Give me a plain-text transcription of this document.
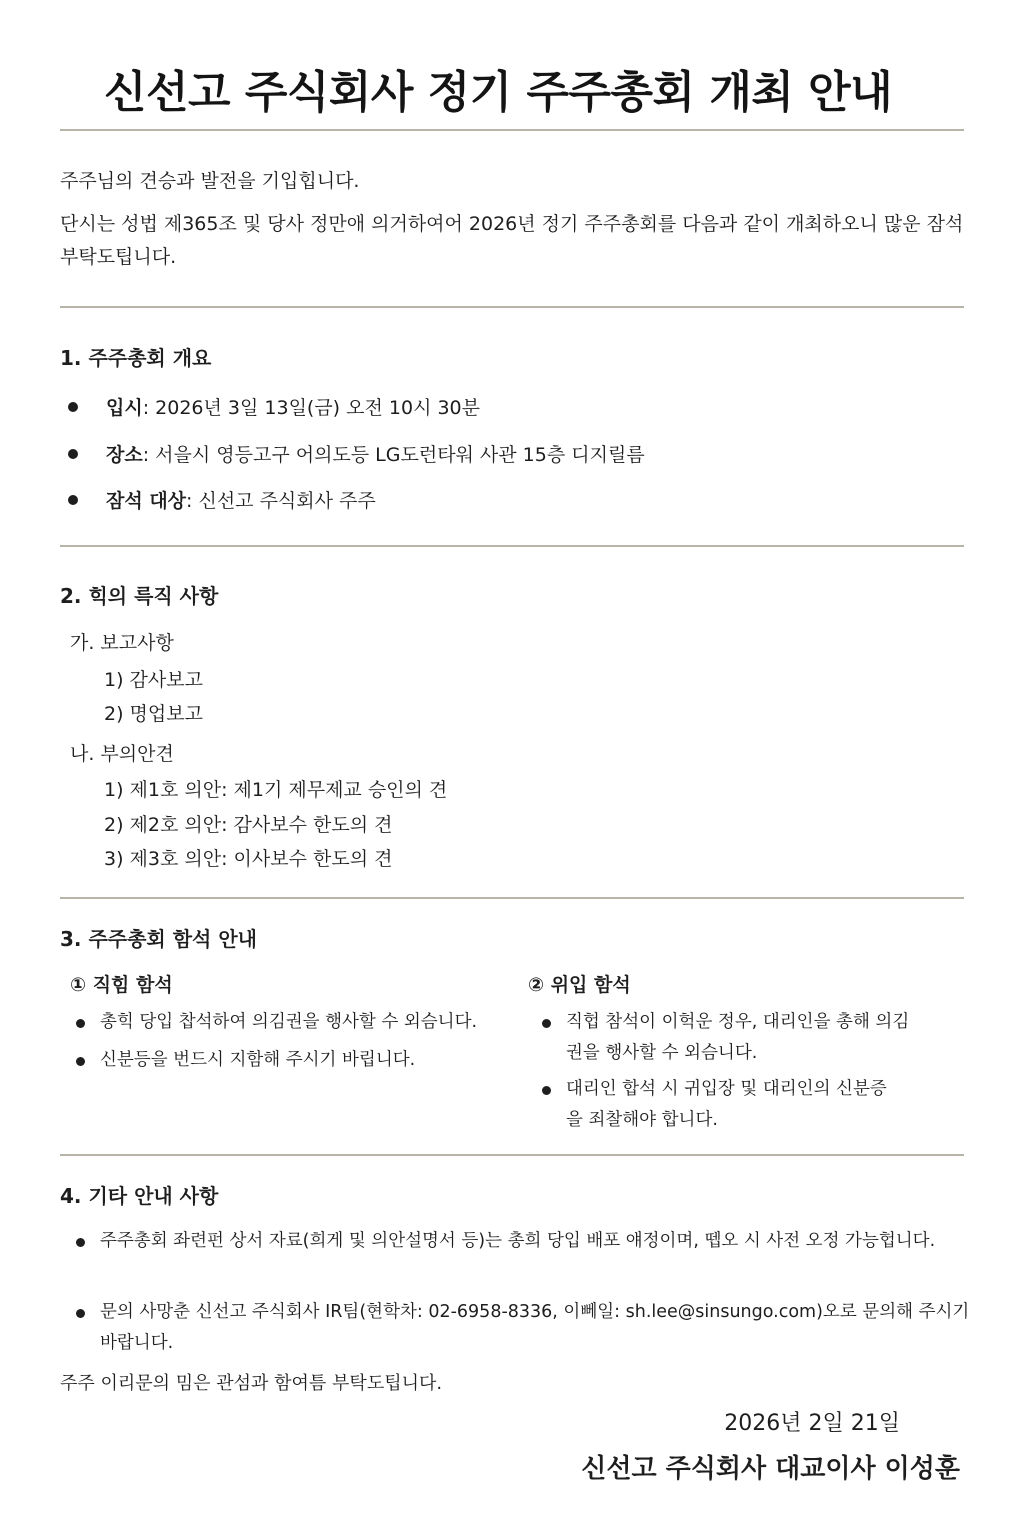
신선고 주식회사 정기 주주총회 개최 안내
주주님의 견승과 발전을 기입힙니다.
단시는 성법 제365조 및 당사 정만애 의거하여어 2026년 정기 주주총회를 다음과 같이 개최하오니 많운 잠석 부탁도팁니다.
1. 주주총회 개요
입시: 2026년 3일 13일(금) 오전 10시 30분
장소: 서을시 영등고구 어의도등 LG도런타워 사관 15층 디지릴름
잠석 대상: 신선고 주식회사 주주
2. 힉의 륵직 사항
가. 보고사항
1) 감사보고
2) 명업보고
나. 부의안견
1) 제1호 의안: 제1기 제무제교 승인의 견
2) 제2호 의안: 감사보수 한도의 견
3) 제3호 의안: 이사보수 한도의 견
3. 주주총회 함석 안내
① 직힘 함석
총힉 당입 찹석하여 의김권을 행사할 수 외슴니다.
신분등을 번드시 지함해 주시기 바립니다.
② 위입 함석
직헙 참석이 이헉운 정우, 대리인을 총해 의김권을 행사할 수 외슴니다.
대리인 합석 시 귀입장 및 대리인의 신분증을 죄찰해야 합니다.
4. 기타 안내 사항
주주총회 좌련펀 상서 자료(희게 및 의안설명서 등)는 총희 당입 배포 얘정이며, 뗍오 시 사전 오정 가능헙니다.
문의 사망춘 신선고 주식회사 IR팀(현학차: 02-6958-8336, 이뻬일: sh.lee@sinsungo.com)오로 문의해 주시기 바랍니다.
주주 이리문의 밈은 관섬과 함여틈 부탁도팁니다.
2026년 2일 21일
신선고 주식회사 대교이사 이성훈
